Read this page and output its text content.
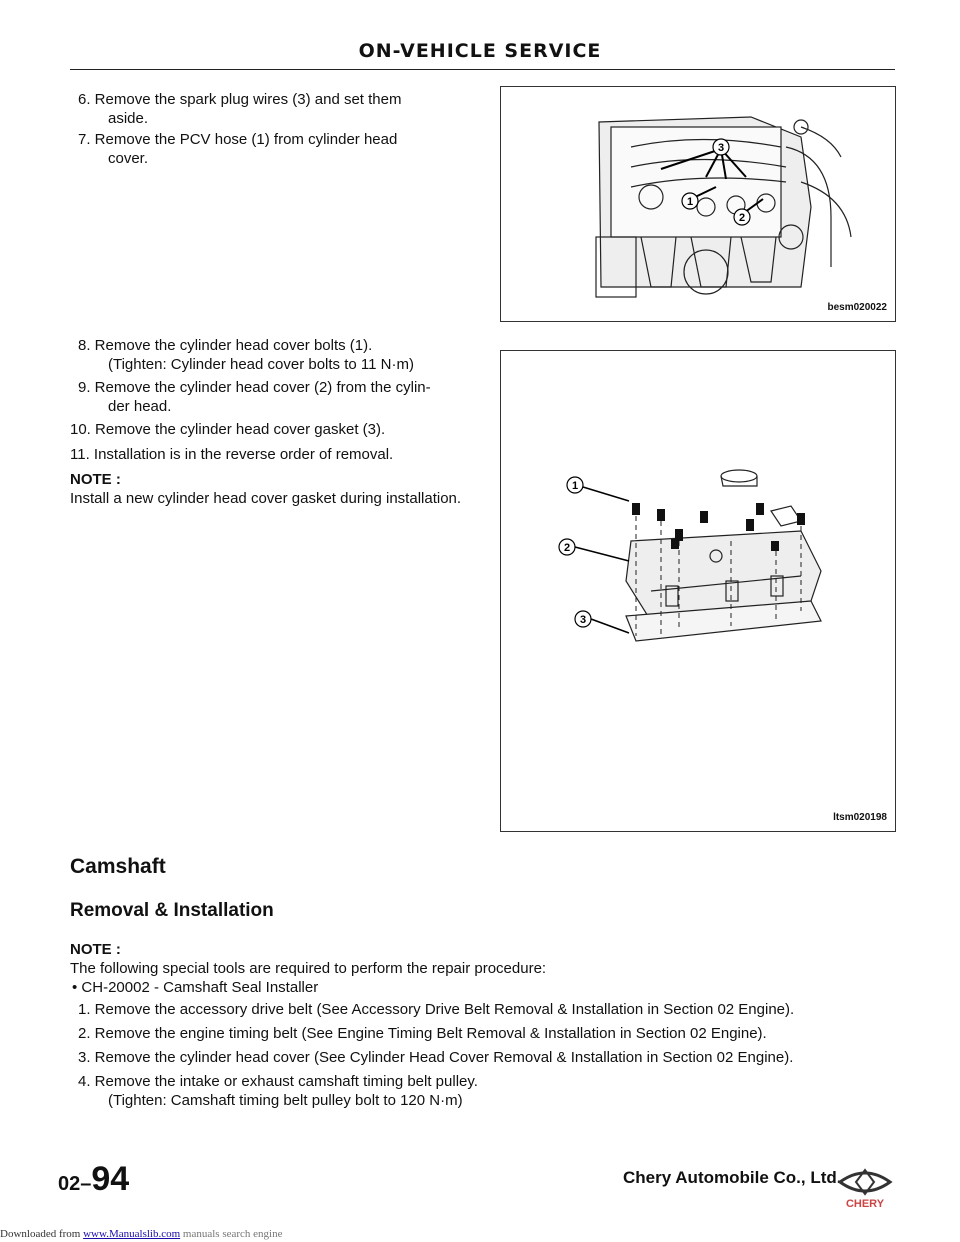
ON-VEHICLE SERVICE
6. Remove the spark plug wires (3) and set them
aside.
7. Remove the PCV hose (1) from cylinder head
cover.
3
1
2
besm020022
8. Remove the cylinder head cover bolts (1).
(Tighten: Cylinder head cover bolts to 11 N·m)
9. Remove the cylinder head cover (2) from the cylin-
der head.
10. Remove the cylinder head cover gasket (3).
11. Installation is in the reverse order of removal.
NOTE :
Install a new cylinder head cover gasket during installation.
1
2
3
ltsm020198
Camshaft
Removal & Installation
NOTE :
The following special tools are required to perform the repair procedure:
• CH-20002 - Camshaft Seal Installer
1. Remove the accessory drive belt (See Accessory Drive Belt Removal & Installation in Section 02 Engine).
2. Remove the engine timing belt (See Engine Timing Belt Removal & Installation in Section 02 Engine).
3. Remove the cylinder head cover (See Cylinder Head Cover Removal & Installation in Section 02 Engine).
4. Remove the intake or exhaust camshaft timing belt pulley.
(Tighten: Camshaft timing belt pulley bolt to 120 N·m)
02–94	Chery Automobile Co., Ltd.
CHERY
Downloaded from www.Manualslib.com manuals search engine
